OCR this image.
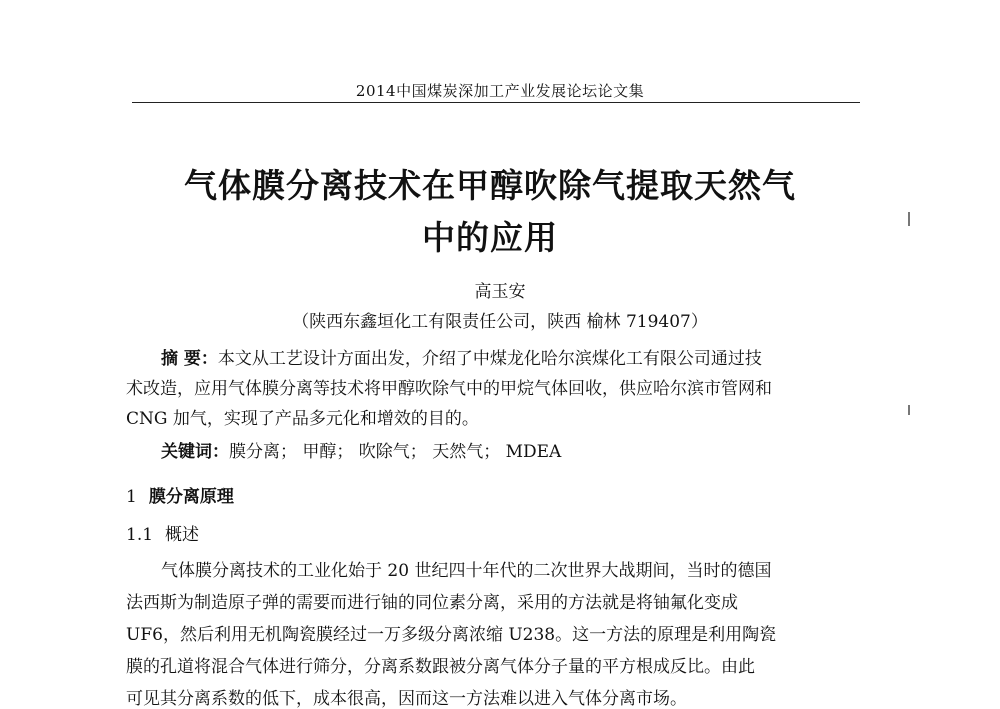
2014中国煤炭深加工产业发展论坛论文集
气体膜分离技术在甲醇吹除气提取天然气
中的应用
高玉安
（陕西东鑫垣化工有限责任公司，陕西 榆林 719407）
摘 要：本文从工艺设计方面出发，介绍了中煤龙化哈尔滨煤化工有限公司通过技
术改造，应用气体膜分离等技术将甲醇吹除气中的甲烷气体回收，供应哈尔滨市管网和
CNG 加气，实现了产品多元化和增效的目的。
关键词：膜分离； 甲醇； 吹除气； 天然气； MDEA
1 膜分离原理
1.1 概述
气体膜分离技术的工业化始于 20 世纪四十年代的二次世界大战期间，当时的德国
法西斯为制造原子弹的需要而进行铀的同位素分离，采用的方法就是将铀氟化变成
UF6，然后利用无机陶瓷膜经过一万多级分离浓缩 U238。这一方法的原理是利用陶瓷
膜的孔道将混合气体进行筛分，分离系数跟被分离气体分子量的平方根成反比。由此
可见其分离系数的低下，成本很高，因而这一方法难以进入气体分离市场。
